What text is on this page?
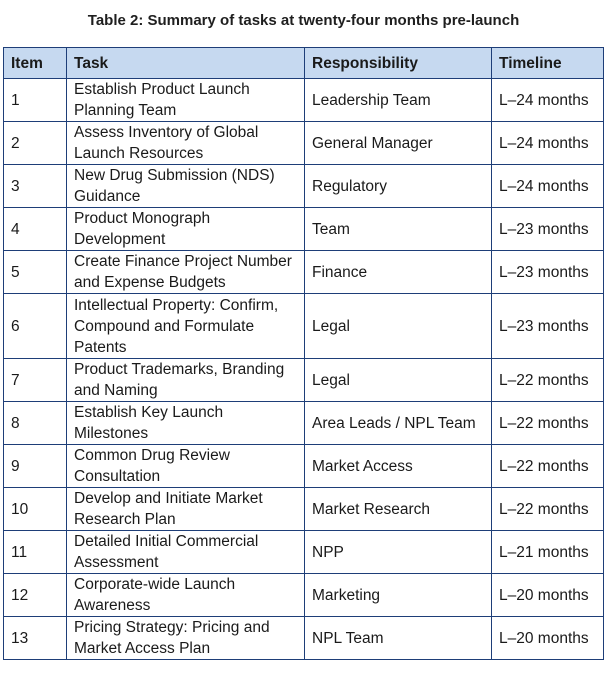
Table 2: Summary of tasks at twenty-four months pre-launch
Item	Task	Responsibility	Timeline
1	Establish Product Launch Planning Team	Leadership Team	L–24 months
2	Assess Inventory of Global Launch Resources	General Manager	L–24 months
3	New Drug Submission (NDS) Guidance	Regulatory	L–24 months
4	Product Monograph Development	Team	L–23 months
5	Create Finance Project Number and Expense Budgets	Finance	L–23 months
6	Intellectual Property: Confirm, Compound and Formulate Patents	Legal	L–23 months
7	Product Trademarks, Branding and Naming	Legal	L–22 months
8	Establish Key Launch Milestones	Area Leads / NPL Team	L–22 months
9	Common Drug Review Consultation	Market Access	L–22 months
10	Develop and Initiate Market Research Plan	Market Research	L–22 months
11	Detailed Initial Commercial Assessment	NPP	L–21 months
12	Corporate-wide Launch Awareness	Marketing	L–20 months
13	Pricing Strategy: Pricing and Market Access Plan	NPL Team	L–20 months
